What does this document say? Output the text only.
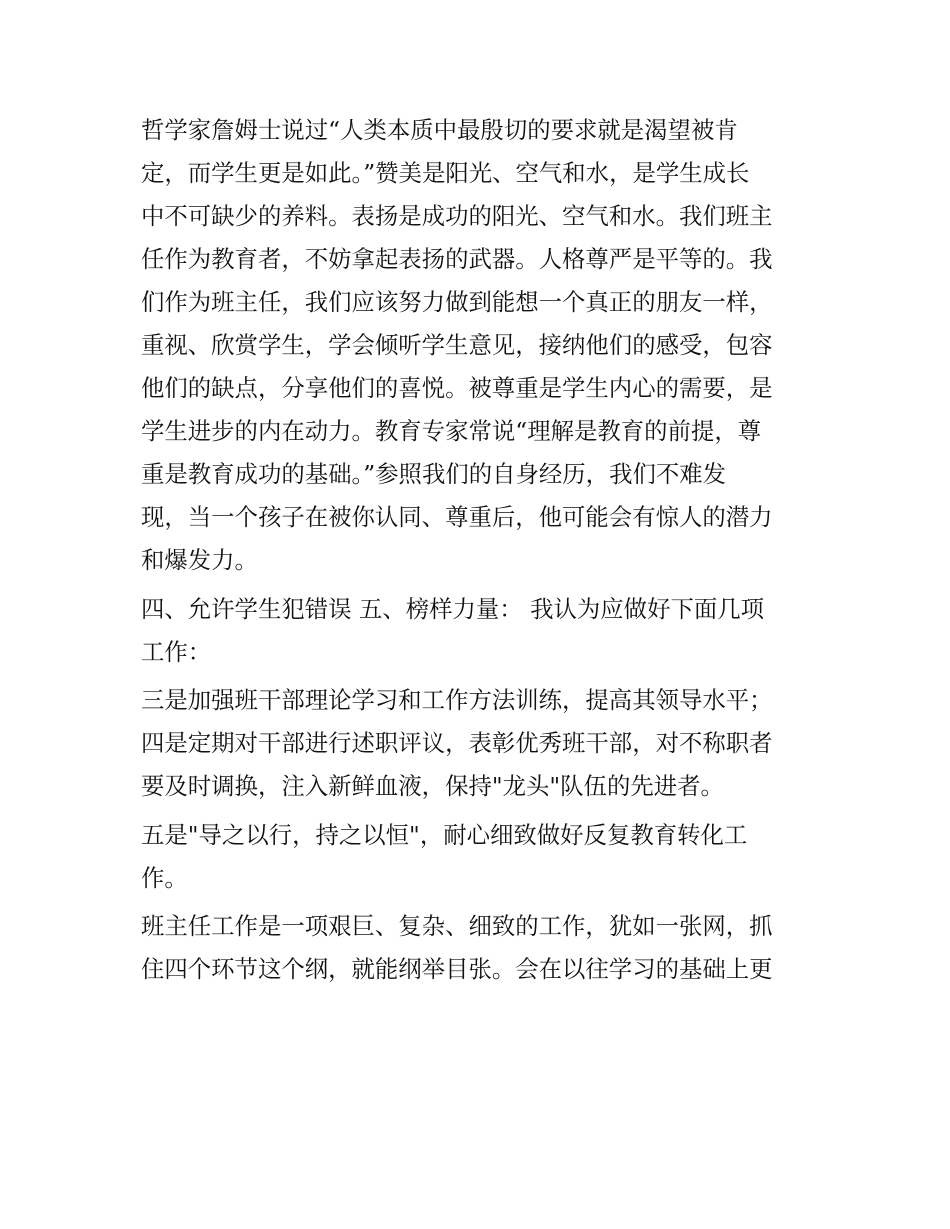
哲学家詹姆士说过“人类本质中最殷切的要求就是渴望被肯
定，而学生更是如此。”赞美是阳光、空气和水，是学生成长
中不可缺少的养料。表扬是成功的阳光、空气和水。我们班主
任作为教育者，不妨拿起表扬的武器。人格尊严是平等的。我
们作为班主任，我们应该努力做到能想一个真正的朋友一样，
重视、欣赏学生，学会倾听学生意见，接纳他们的感受，包容
他们的缺点，分享他们的喜悦。被尊重是学生内心的需要，是
学生进步的内在动力。教育专家常说“理解是教育的前提，尊
重是教育成功的基础。”参照我们的自身经历，我们不难发
现，当一个孩子在被你认同、尊重后，他可能会有惊人的潜力
和爆发力。

四、允许学生犯错误 五、榜样力量： 我认为应做好下面几项
工作：

三是加强班干部理论学习和工作方法训练，提高其领导水平；
四是定期对干部进行述职评议，表彰优秀班干部，对不称职者
要及时调换，注入新鲜血液，保持"龙头"队伍的先进者。

五是"导之以行，持之以恒"，耐心细致做好反复教育转化工
作。

班主任工作是一项艰巨、复杂、细致的工作，犹如一张网，抓
住四个环节这个纲，就能纲举目张。会在以往学习的基础上更
